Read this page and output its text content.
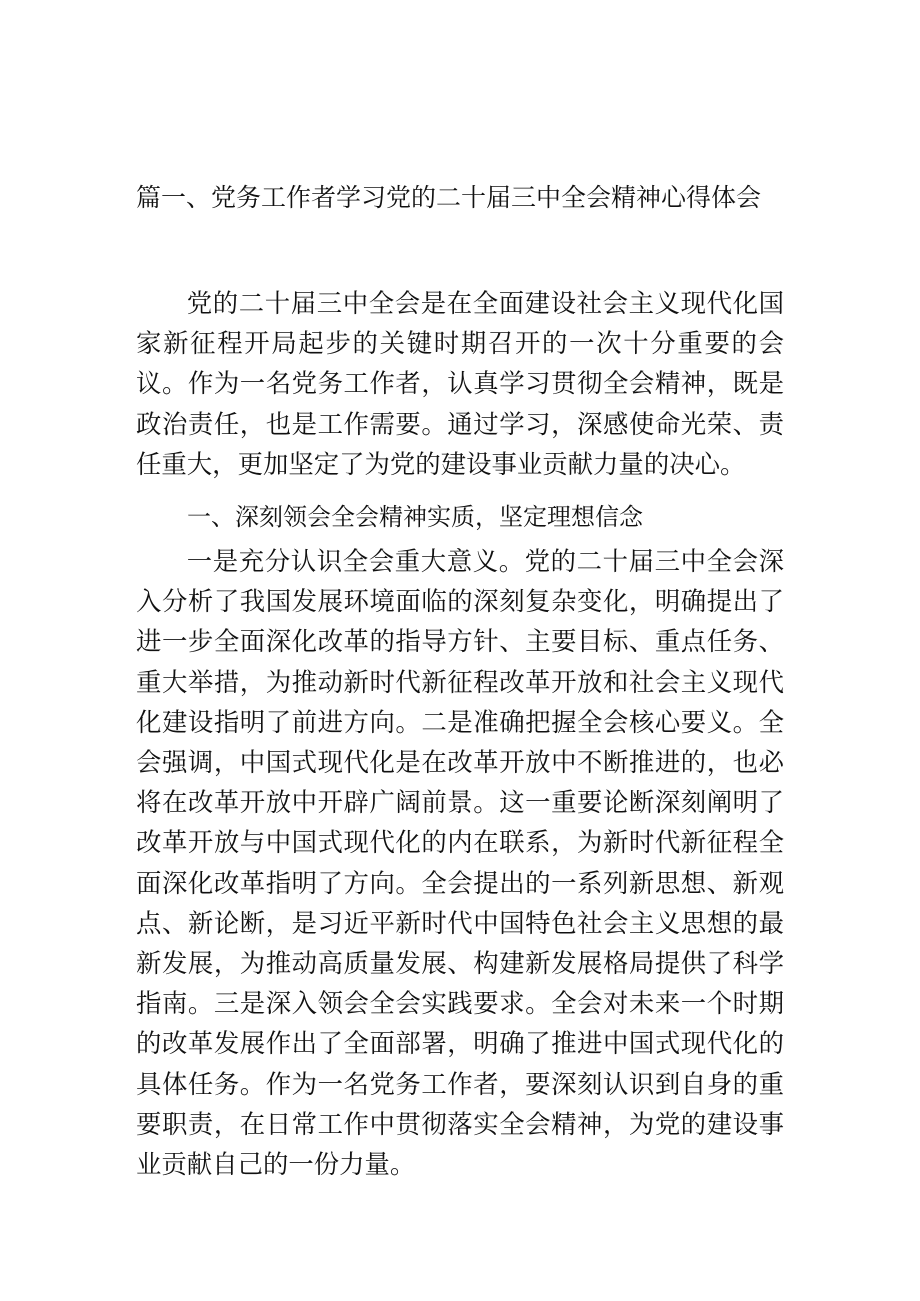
篇一、党务工作者学习党的二十届三中全会精神心得体会

党的二十届三中全会是在全面建设社会主义现代化国家新征程开局起步的关键时期召开的一次十分重要的会议。作为一名党务工作者，认真学习贯彻全会精神，既是政治责任，也是工作需要。通过学习，深感使命光荣、责任重大，更加坚定了为党的建设事业贡献力量的决心。

一、深刻领会全会精神实质，坚定理想信念

一是充分认识全会重大意义。党的二十届三中全会深入分析了我国发展环境面临的深刻复杂变化，明确提出了进一步全面深化改革的指导方针、主要目标、重点任务、重大举措，为推动新时代新征程改革开放和社会主义现代化建设指明了前进方向。二是准确把握全会核心要义。全会强调，中国式现代化是在改革开放中不断推进的，也必将在改革开放中开辟广阔前景。这一重要论断深刻阐明了改革开放与中国式现代化的内在联系，为新时代新征程全面深化改革指明了方向。全会提出的一系列新思想、新观点、新论断，是习近平新时代中国特色社会主义思想的最新发展，为推动高质量发展、构建新发展格局提供了科学指南。三是深入领会全会实践要求。全会对未来一个时期的改革发展作出了全面部署，明确了推进中国式现代化的具体任务。作为一名党务工作者，要深刻认识到自身的重要职责，在日常工作中贯彻落实全会精神，为党的建设事业贡献自己的一份力量。
